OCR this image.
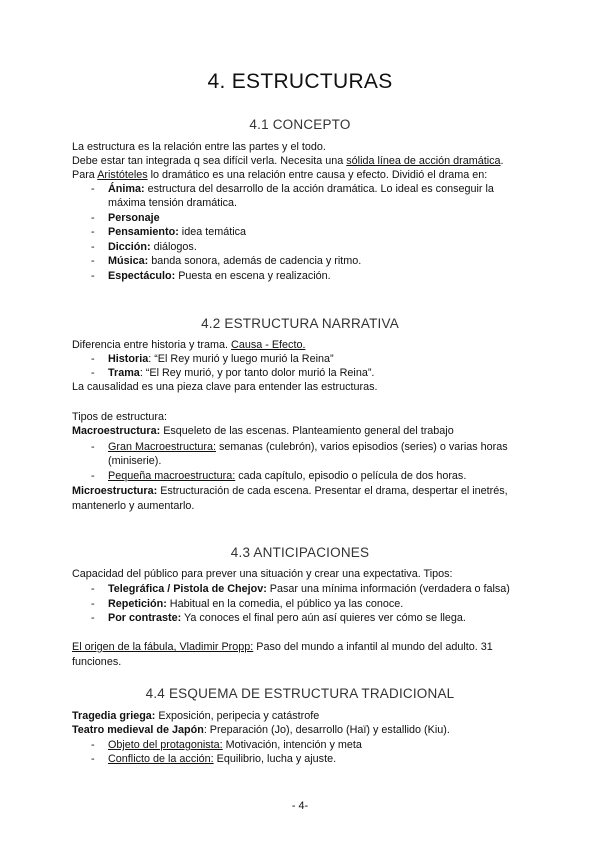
4. ESTRUCTURAS
4.1 CONCEPTO
La estructura es la relación entre las partes y el todo.
Debe estar tan integrada q sea difícil verla. Necesita una sólida línea de acción dramática.
Para Aristóteles lo dramático es una relación entre causa y efecto. Dividió el drama en:
- Ánima: estructura del desarrollo de la acción dramática. Lo ideal es conseguir la
máxima tensión dramática.
- Personaje
- Pensamiento: idea temática
- Dicción: diálogos.
- Música: banda sonora, además de cadencia y ritmo.
- Espectáculo: Puesta en escena y realización.
4.2 ESTRUCTURA NARRATIVA
Diferencia entre historia y trama. Causa - Efecto.
- Historia: “El Rey murió y luego murió la Reina”
- Trama: “El Rey murió, y por tanto dolor murió la Reina”.
La causalidad es una pieza clave para entender las estructuras.
Tipos de estructura:
Macroestructura: Esqueleto de las escenas. Planteamiento general del trabajo
- Gran Macroestructura: semanas (culebrón), varios episodios (series) o varias horas
(miniserie).
- Pequeña macroestructura: cada capítulo, episodio o película de dos horas.
Microestructura: Estructuración de cada escena. Presentar el drama, despertar el inetrés,
mantenerlo y aumentarlo.
4.3 ANTICIPACIONES
Capacidad del público para prever una situación y crear una expectativa. Tipos:
- Telegráfica / Pistola de Chejov: Pasar una mínima información (verdadera o falsa)
- Repetición: Habitual en la comedia, el público ya las conoce.
- Por contraste: Ya conoces el final pero aún así quieres ver cómo se llega.
El origen de la fábula, Vladimir Propp: Paso del mundo a infantil al mundo del adulto. 31
funciones.
4.4 ESQUEMA DE ESTRUCTURA TRADICIONAL
Tragedia griega: Exposición, peripecia y catástrofe
Teatro medieval de Japón: Preparación (Jo), desarrollo (Haï) y estallido (Kiu).
- Objeto del protagonista: Motivación, intención y meta
- Conflicto de la acción: Equilibrio, lucha y ajuste.
- 4-
